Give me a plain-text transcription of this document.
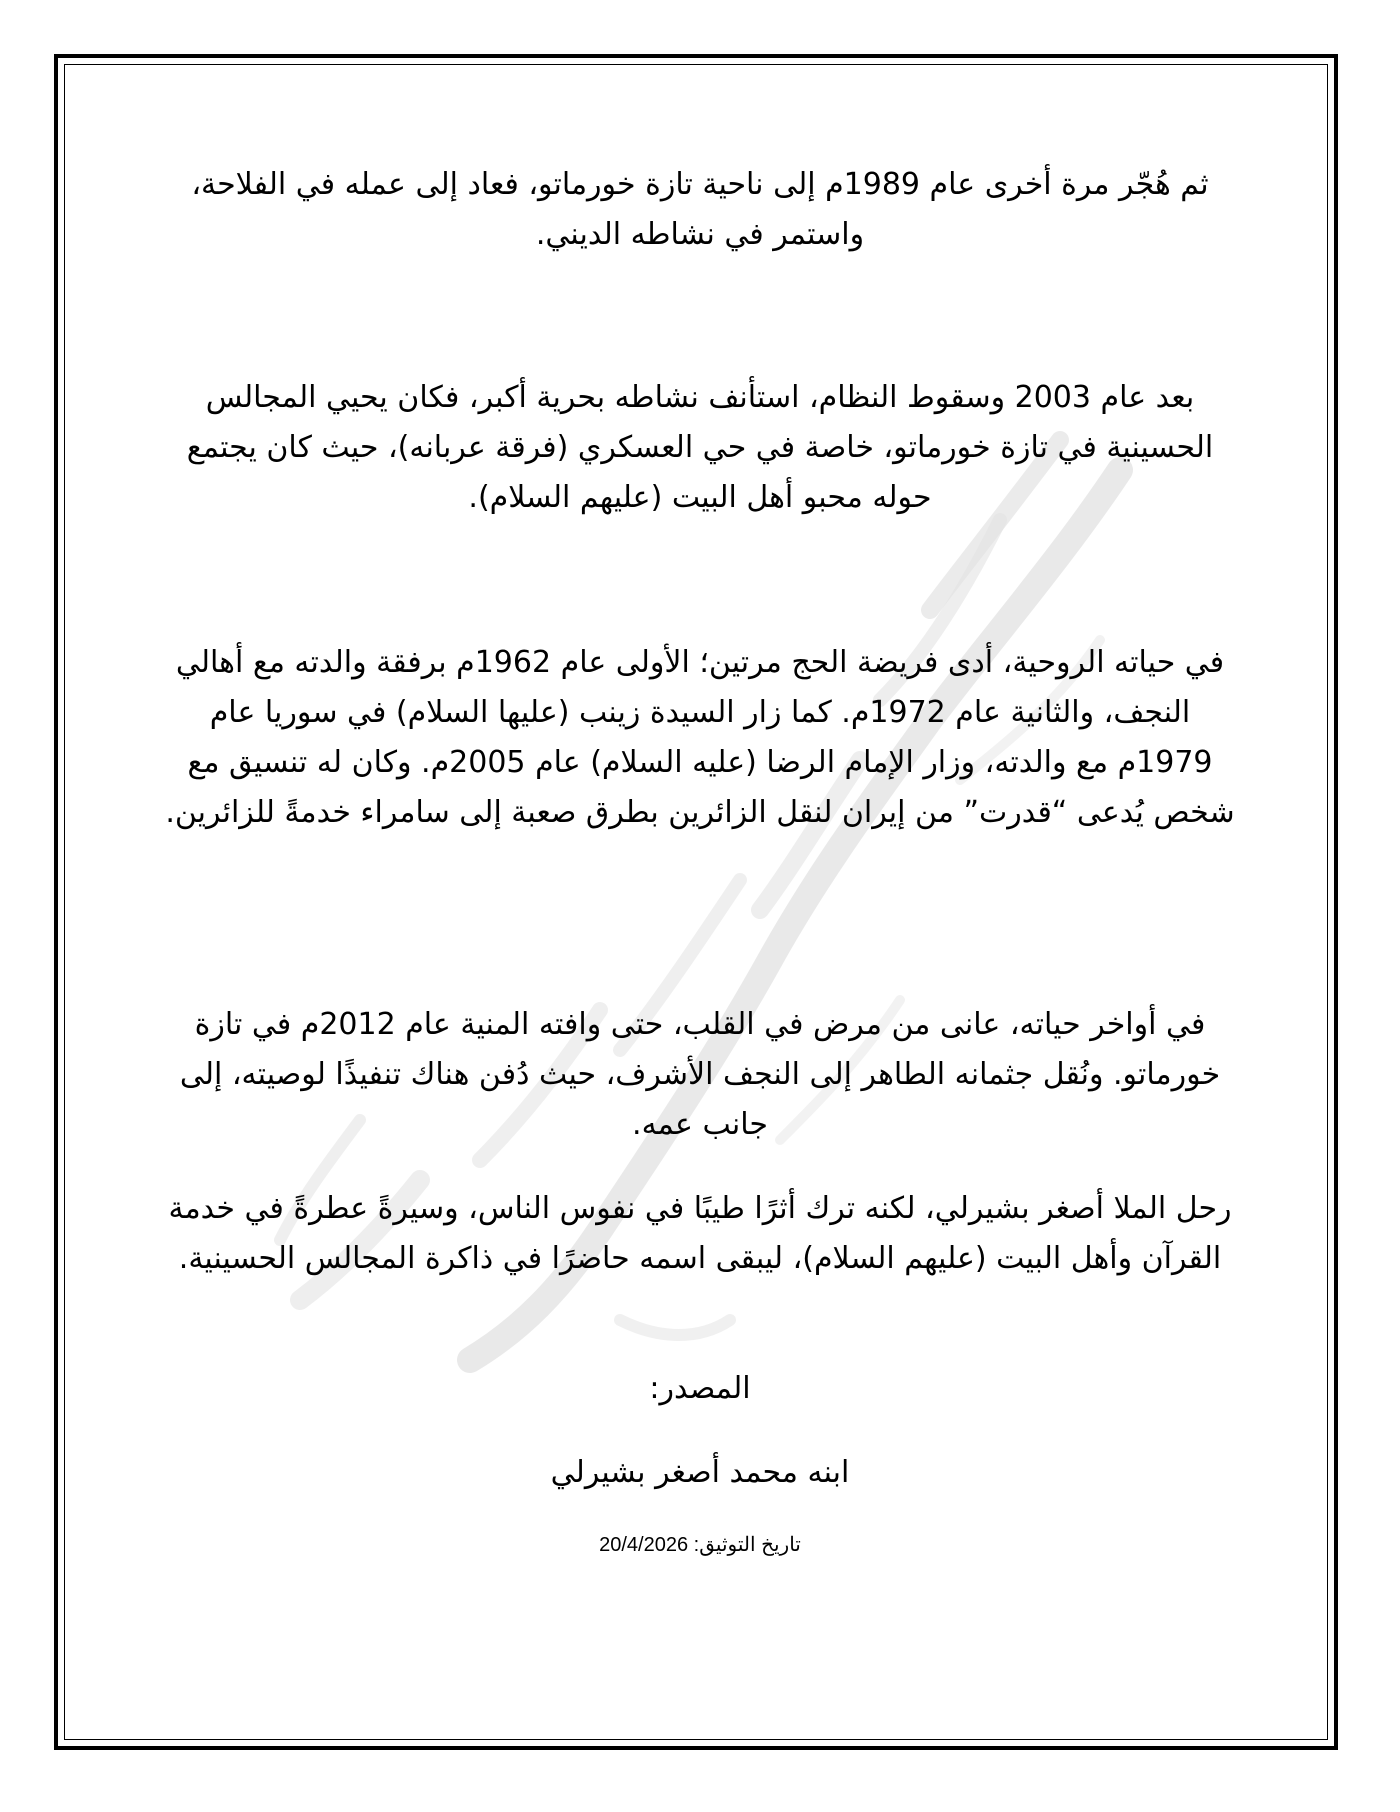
ثم هُجّر مرة أخرى عام 1989م إلى ناحية تازة خورماتو، فعاد إلى عمله في الفلاحة، واستمر في نشاطه الديني.

بعد عام 2003 وسقوط النظام، استأنف نشاطه بحرية أكبر، فكان يحيي المجالس الحسينية في تازة خورماتو، خاصة في حي العسكري (فرقة عربانه)، حيث كان يجتمع حوله محبو أهل البيت (عليهم السلام).

في حياته الروحية، أدى فريضة الحج مرتين؛ الأولى عام 1962م برفقة والدته مع أهالي النجف، والثانية عام 1972م. كما زار السيدة زينب (عليها السلام) في سوريا عام 1979م مع والدته، وزار الإمام الرضا (عليه السلام) عام 2005م. وكان له تنسيق مع شخص يُدعى “قدرت” من إيران لنقل الزائرين بطرق صعبة إلى سامراء خدمةً للزائرين.

في أواخر حياته، عانى من مرض في القلب، حتى وافته المنية عام 2012م في تازة خورماتو. ونُقل جثمانه الطاهر إلى النجف الأشرف، حيث دُفن هناك تنفيذًا لوصيته، إلى جانب عمه.

رحل الملا أصغر بشيرلي، لكنه ترك أثرًا طيبًا في نفوس الناس، وسيرةً عطرةً في خدمة القرآن وأهل البيت (عليهم السلام)، ليبقى اسمه حاضرًا في ذاكرة المجالس الحسينية.

المصدر:

ابنه محمد أصغر بشيرلي

تاريخ التوثيق: 20/4/2026
